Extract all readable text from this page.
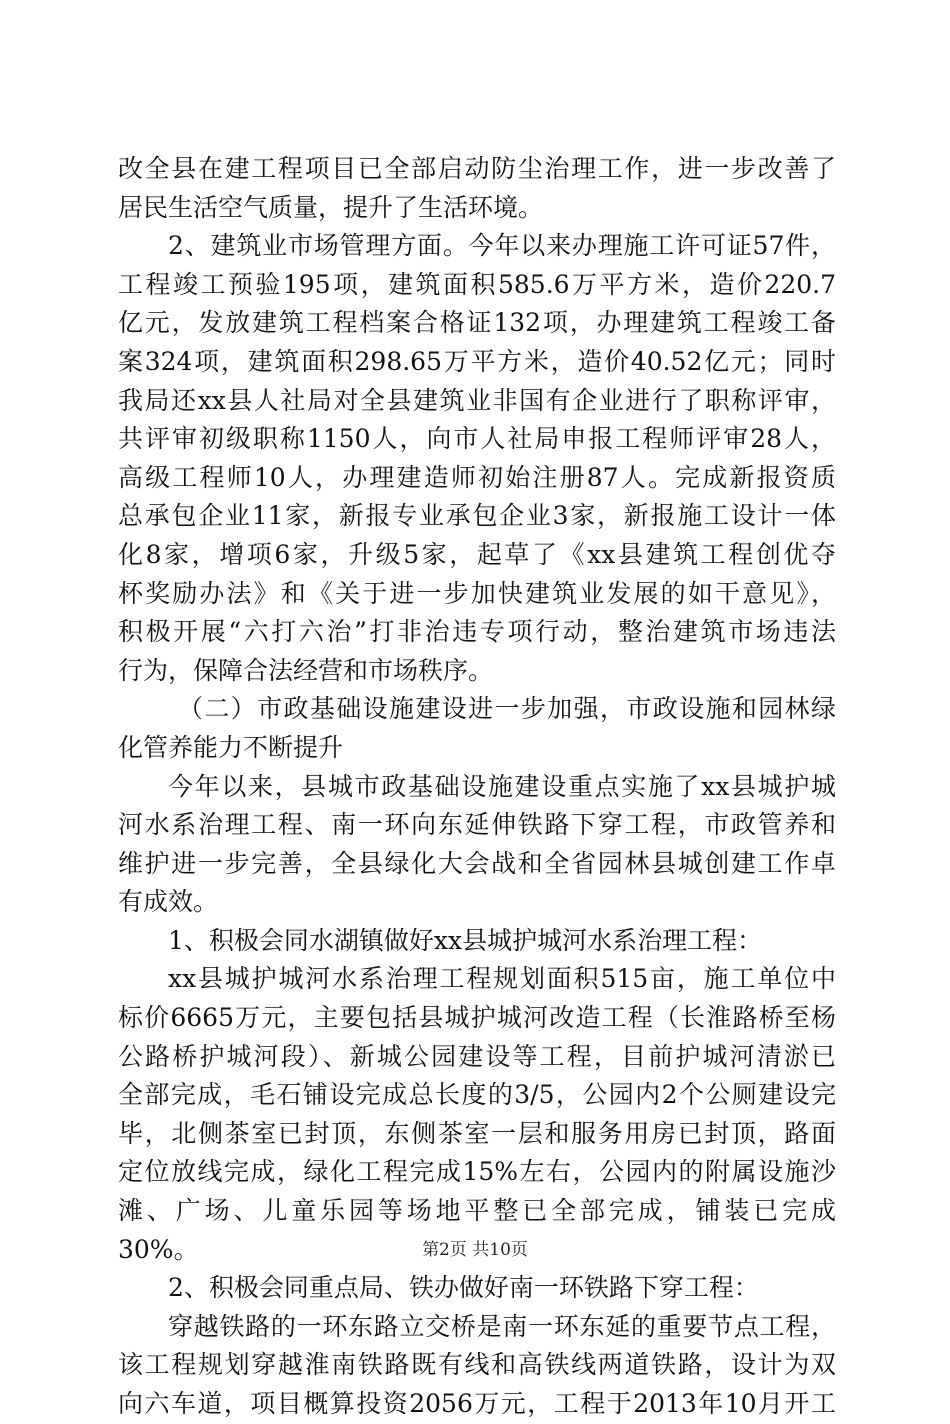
改全县在建工程项目已全部启动防尘治理工作，进一步改善了
居民生活空气质量，提升了生活环境。
2、建筑业市场管理方面。今年以来办理施工许可证57件，
工程竣工预验195项，建筑面积585.6万平方米，造价220.7
亿元，发放建筑工程档案合格证132项，办理建筑工程竣工备
案324项，建筑面积298.65万平方米，造价40.52亿元；同时
我局还xx县人社局对全县建筑业非国有企业进行了职称评审，
共评审初级职称1150人，向市人社局申报工程师评审28人，
高级工程师10人，办理建造师初始注册87人。完成新报资质
总承包企业11家，新报专业承包企业3家，新报施工设计一体
化8家，增项6家，升级5家，起草了《xx县建筑工程创优夺
杯奖励办法》和《关于进一步加快建筑业发展的如干意见》，
积极开展“六打六治”打非治违专项行动，整治建筑市场违法
行为，保障合法经营和市场秩序。
（二）市政基础设施建设进一步加强，市政设施和园林绿
化管养能力不断提升
今年以来，县城市政基础设施建设重点实施了xx县城护城
河水系治理工程、南一环向东延伸铁路下穿工程，市政管养和
维护进一步完善，全县绿化大会战和全省园林县城创建工作卓
有成效。
1、积极会同水湖镇做好xx县城护城河水系治理工程：
xx县城护城河水系治理工程规划面积515亩，施工单位中
标价6665万元，主要包括县城护城河改造工程（长淮路桥至杨
公路桥护城河段）、新城公园建设等工程，目前护城河清淤已
全部完成，毛石铺设完成总长度的3/5，公园内2个公厕建设完
毕，北侧茶室已封顶，东侧茶室一层和服务用房已封顶，路面
定位放线完成，绿化工程完成15%左右，公园内的附属设施沙
滩、广场、儿童乐园等场地平整已全部完成，铺装已完成
30%。
2、积极会同重点局、铁办做好南一环铁路下穿工程：
穿越铁路的一环东路立交桥是南一环东延的重要节点工程，
该工程规划穿越淮南铁路既有线和高铁线两道铁路，设计为双
向六车道，项目概算投资2056万元，工程于2013年10月开工
第2页 共10页
